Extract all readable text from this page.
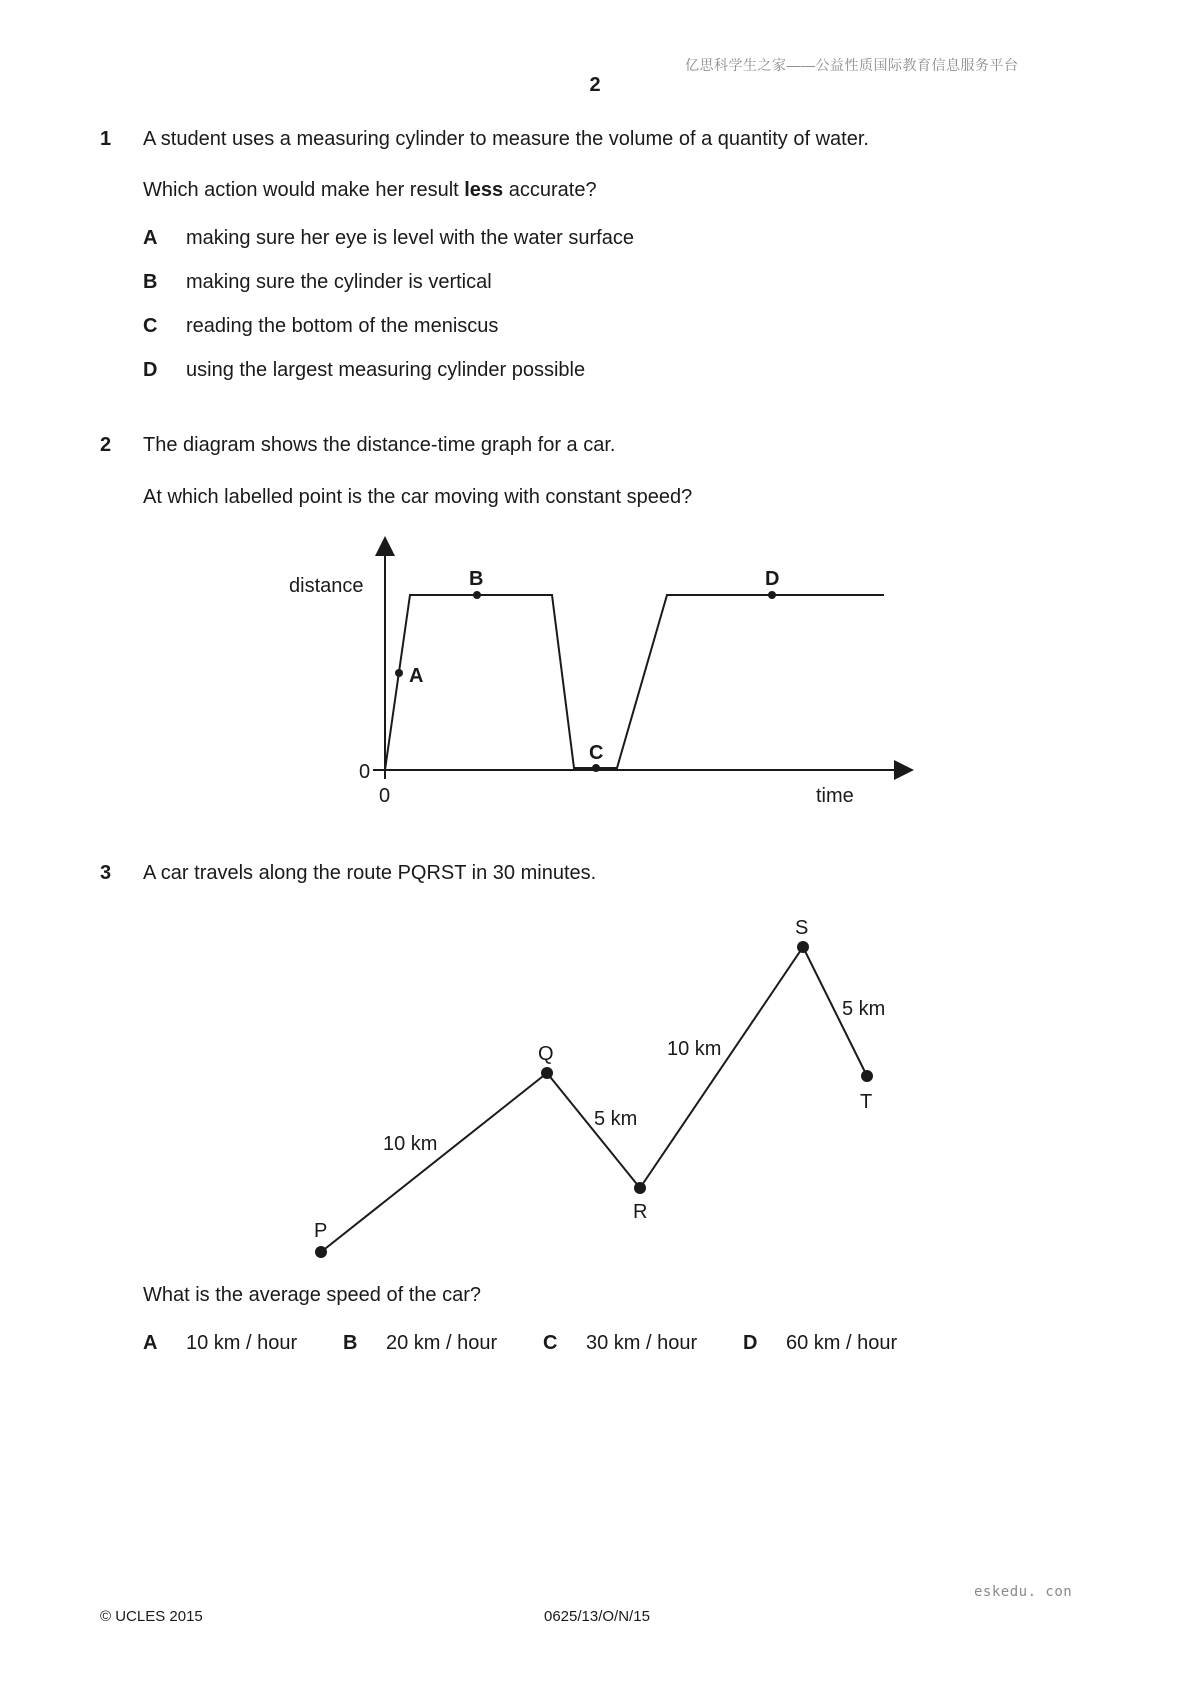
亿思科学生之家——公益性质国际教育信息服务平台
2
1 A student uses a measuring cylinder to measure the volume of a quantity of water.
Which action would make her result less accurate?
A making sure her eye is level with the water surface
B making sure the cylinder is vertical
C reading the bottom of the meniscus
D using the largest measuring cylinder possible
2 The diagram shows the distance-time graph for a car.
At which labelled point is the car moving with constant speed?
distance
time
0
0
A
B
C
D
3 A car travels along the route PQRST in 30 minutes.
P
Q
R
S
T
10 km
5 km
10 km
5 km
What is the average speed of the car?
A 10 km / hour B 20 km / hour C 30 km / hour D 60 km / hour
eskedu. con
© UCLES 2015	0625/13/O/N/15
